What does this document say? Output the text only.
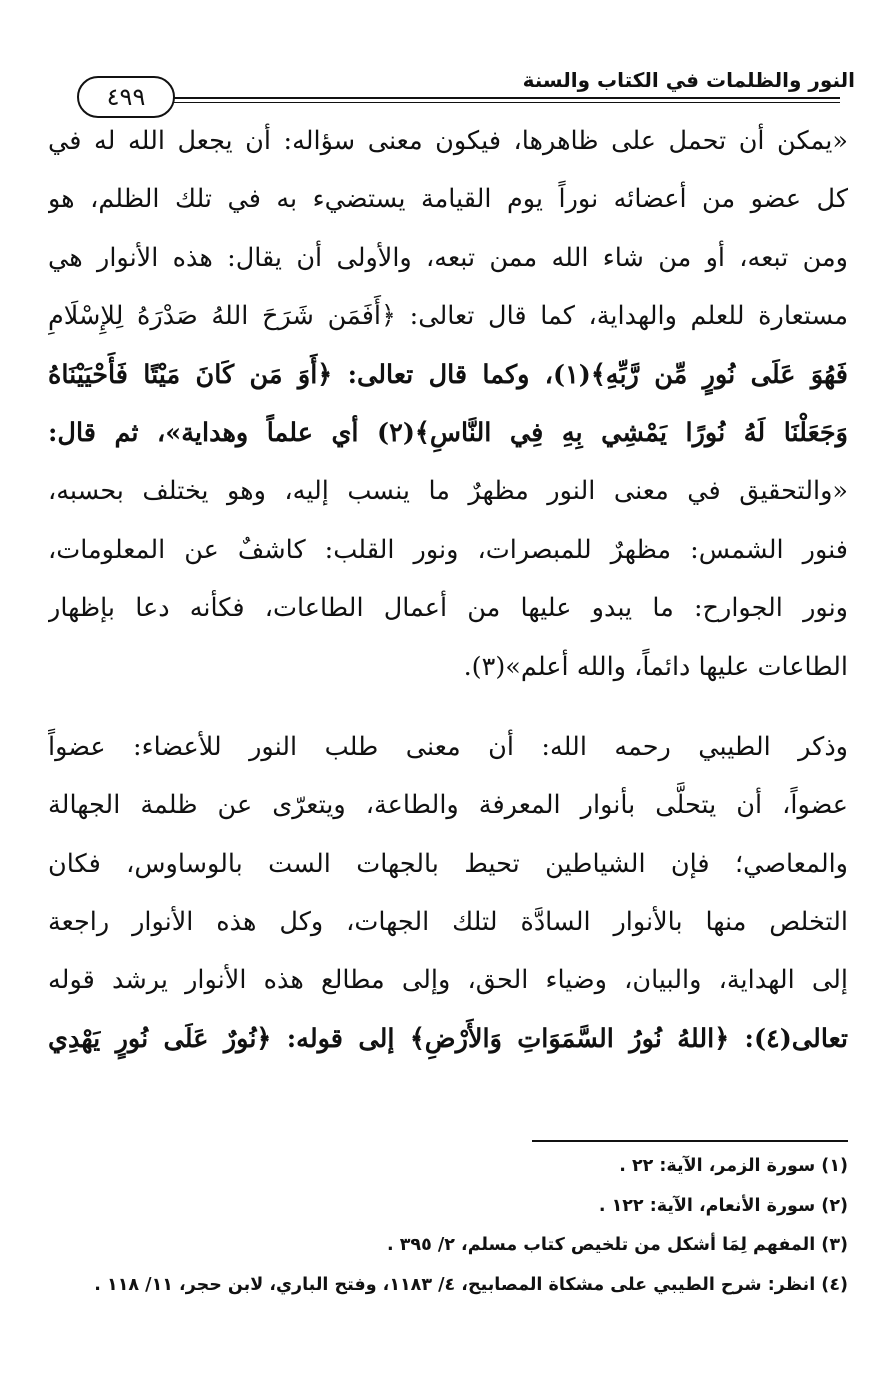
النور والظلمات في الكتاب والسنة
٤٩٩
«يمكن أن تحمل على ظاهرها، فيكون معنى سؤاله: أن يجعل الله له في
كل عضو من أعضائه نوراً يوم القيامة يستضيء به في تلك الظلم، هو
ومن تبعه، أو من شاء الله ممن تبعه، والأولى أن يقال: هذه الأنوار هي
مستعارة للعلم والهداية، كما قال تعالى: ﴿أَفَمَن شَرَحَ اللهُ صَدْرَهُ لِلإِسْلَامِ
فَهُوَ عَلَى نُورٍ مِّن رَّبِّهِ﴾(١)، وكما قال تعالى: ﴿أَوَ مَن كَانَ مَيْتًا فَأَحْيَيْنَاهُ
وَجَعَلْنَا لَهُ نُورًا يَمْشِي بِهِ فِي النَّاسِ﴾(٢) أي علماً وهداية»، ثم قال:
«والتحقيق في معنى النور مظهرٌ ما ينسب إليه، وهو يختلف بحسبه،
فنور الشمس: مظهرٌ للمبصرات، ونور القلب: كاشفٌ عن المعلومات،
ونور الجوارح: ما يبدو عليها من أعمال الطاعات، فكأنه دعا بإظهار
الطاعات عليها دائماً، والله أعلم»(٣).
وذكر الطيبي رحمه الله: أن معنى طلب النور للأعضاء: عضواً
عضواً، أن يتحلَّى بأنوار المعرفة والطاعة، ويتعرّى عن ظلمة الجهالة
والمعاصي؛ فإن الشياطين تحيط بالجهات الست بالوساوس، فكان
التخلص منها بالأنوار السادَّة لتلك الجهات، وكل هذه الأنوار راجعة
إلى الهداية، والبيان، وضياء الحق، وإلى مطالع هذه الأنوار يرشد قوله
تعالى(٤): ﴿اللهُ نُورُ السَّمَوَاتِ وَالأَرْضِ﴾ إلى قوله: ﴿نُورٌ عَلَى نُورٍ يَهْدِي
(١) سورة الزمر، الآية: ٢٢ .
(٢) سورة الأنعام، الآية: ١٢٢ .
(٣) المفهم لِمَا أشكل من تلخيص كتاب مسلم، ٢/ ٣٩٥ .
(٤) انظر: شرح الطيبي على مشكاة المصابيح، ٤/ ١١٨٣، وفتح الباري، لابن حجر، ١١/ ١١٨ .
